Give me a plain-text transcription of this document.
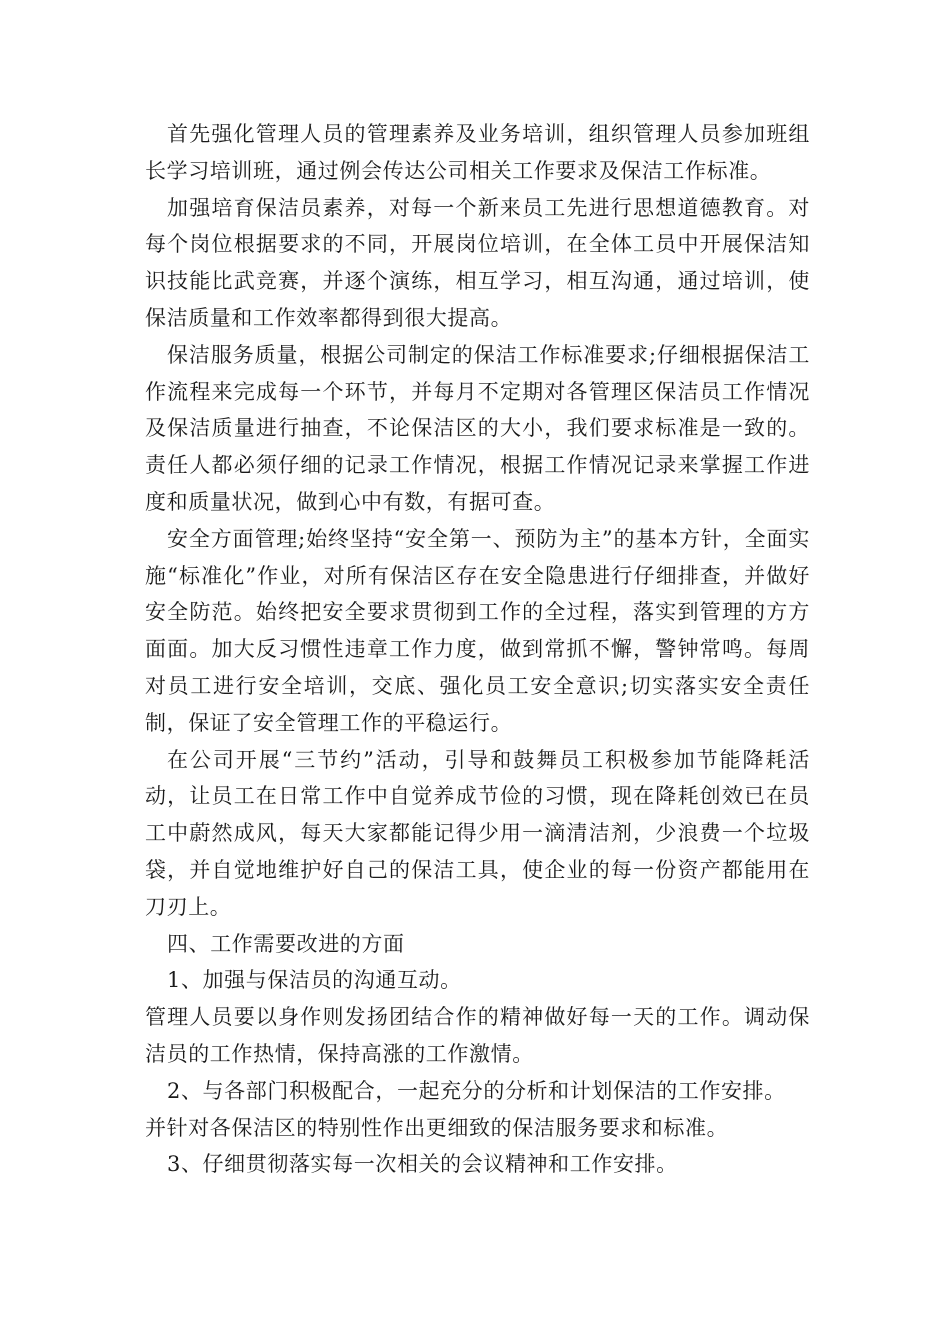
首先强化管理人员的管理素养及业务培训，组织管理人员参加班组长学习培训班，通过例会传达公司相关工作要求及保洁工作标准。

加强培育保洁员素养，对每一个新来员工先进行思想道德教育。对每个岗位根据要求的不同，开展岗位培训，在全体工员中开展保洁知识技能比武竞赛，并逐个演练，相互学习，相互沟通，通过培训，使保洁质量和工作效率都得到很大提高。

保洁服务质量，根据公司制定的保洁工作标准要求;仔细根据保洁工作流程来完成每一个环节，并每月不定期对各管理区保洁员工作情况及保洁质量进行抽查，不论保洁区的大小，我们要求标准是一致的。责任人都必须仔细的记录工作情况，根据工作情况记录来掌握工作进度和质量状况，做到心中有数，有据可查。

安全方面管理;始终坚持“安全第一、预防为主”的基本方针，全面实施“标准化”作业，对所有保洁区存在安全隐患进行仔细排查，并做好安全防范。始终把安全要求贯彻到工作的全过程，落实到管理的方方面面。加大反习惯性违章工作力度，做到常抓不懈，警钟常鸣。每周对员工进行安全培训，交底、强化员工安全意识;切实落实安全责任制，保证了安全管理工作的平稳运行。

在公司开展“三节约”活动，引导和鼓舞员工积极参加节能降耗活动，让员工在日常工作中自觉养成节俭的习惯，现在降耗创效已在员工中蔚然成风，每天大家都能记得少用一滴清洁剂，少浪费一个垃圾袋，并自觉地维护好自己的保洁工具，使企业的每一份资产都能用在刀刃上。

四、工作需要改进的方面

1、加强与保洁员的沟通互动。

管理人员要以身作则发扬团结合作的精神做好每一天的工作。调动保洁员的工作热情，保持高涨的工作激情。

2、与各部门积极配合，一起充分的分析和计划保洁的工作安排。

并针对各保洁区的特别性作出更细致的保洁服务要求和标准。

3、仔细贯彻落实每一次相关的会议精神和工作安排。
